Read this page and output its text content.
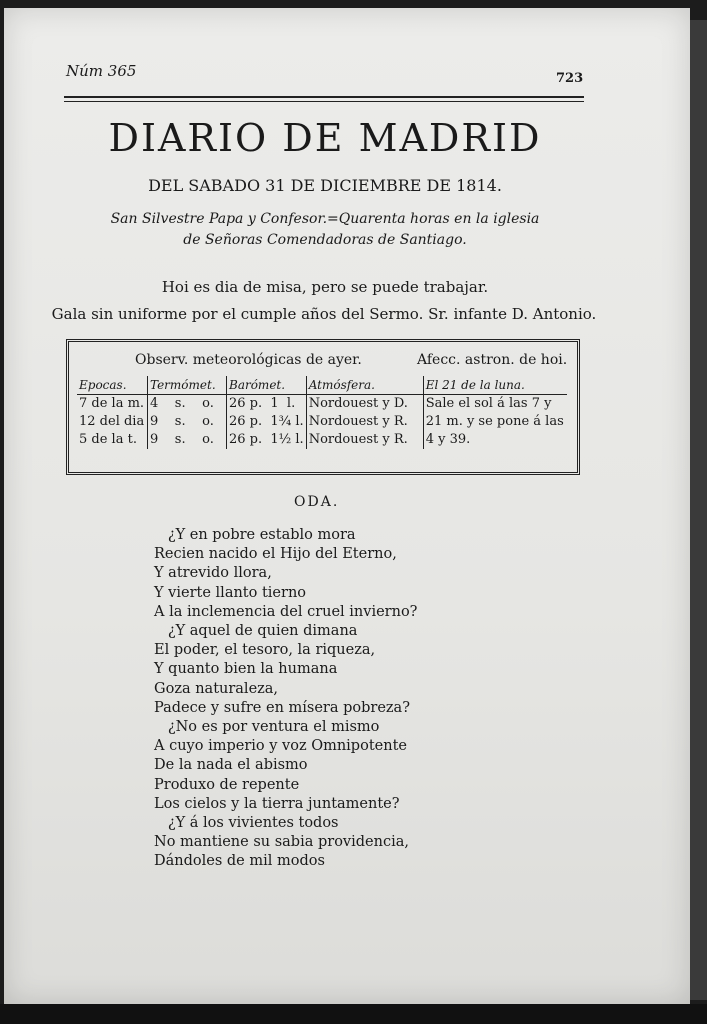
Núm 365	723
DIARIO DE MADRID
DEL SABADO 31 DE DICIEMBRE DE 1814.
San Silvestre Papa y Confesor.=Quarenta horas en la iglesia
de Señoras Comendadoras de Santiago.
Hoi es dia de misa, pero se puede trabajar.
Gala sin uniforme por el cumple años del Sermo. Sr. infante D. Antonio.
Observ. meteorológicas de ayer.	Afecc. astron. de hoi.
Epocas.	Termómet.	Barómet.	Atmósfera.	El 21 de la luna.
7 de la m.	4    s.    o.	26 p.  1  l.	Nordouest y D.	Sale el sol á las 7 y 21 m. y se pone á las 4 y 39.
12 del dia	9    s.    o.	26 p.  1¾ l.	Nordouest y R.	
5 de la t.	9    s.    o.	26 p.  1½ l.	Nordouest y R.	
ODA.
¿Y en pobre establo mora
Recien nacido el Hijo del Eterno,
Y atrevido llora,
Y vierte llanto tierno
A la inclemencia del cruel invierno?
¿Y aquel de quien dimana
El poder, el tesoro, la riqueza,
Y quanto bien la humana
Goza naturaleza,
Padece y sufre en mísera pobreza?
¿No es por ventura el mismo
A cuyo imperio y voz Omnipotente
De la nada el abismo
Produxo de repente
Los cielos y la tierra juntamente?
¿Y á los vivientes todos
No mantiene su sabia providencia,
Dándoles de mil modos
